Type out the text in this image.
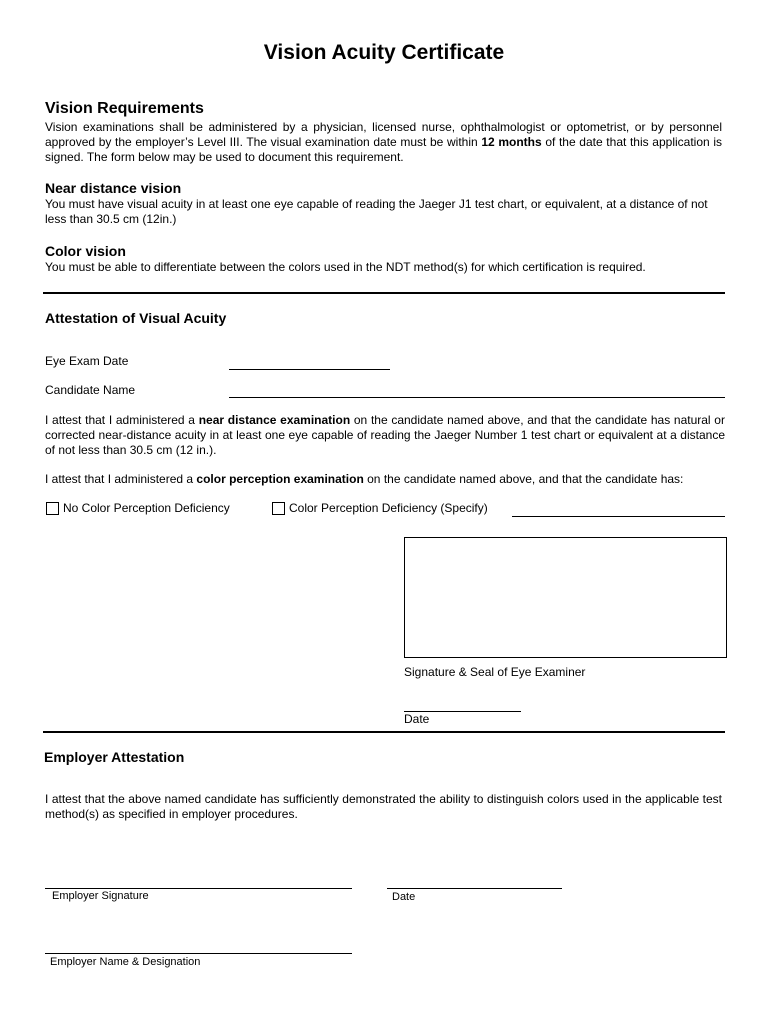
Vision Acuity Certificate
Vision Requirements
Vision examinations shall be administered by a physician, licensed nurse, ophthalmologist or optometrist, or by personnel approved by the employer’s Level III. The visual examination date must be within 12 months of the date that this application is signed. The form below may be used to document this requirement.
Near distance vision
You must have visual acuity in at least one eye capable of reading the Jaeger J1 test chart, or equivalent, at a distance of not less than 30.5 cm (12in.)
Color vision
You must be able to differentiate between the colors used in the NDT method(s) for which certification is required.
Attestation of Visual Acuity
Eye Exam Date
Candidate Name
I attest that I administered a near distance examination on the candidate named above, and that the candidate has natural or corrected near-distance acuity in at least one eye capable of reading the Jaeger Number 1 test chart or equivalent at a distance of not less than 30.5 cm (12 in.).
I attest that I administered a color perception examination on the candidate named above, and that the candidate has:
No Color Perception Deficiency	Color Perception Deficiency (Specify)
Signature & Seal of Eye Examiner
Date
Employer Attestation
I attest that the above named candidate has sufficiently demonstrated the ability to distinguish colors used in the applicable test method(s) as specified in employer procedures.
Employer Signature	Date
Employer Name & Designation
